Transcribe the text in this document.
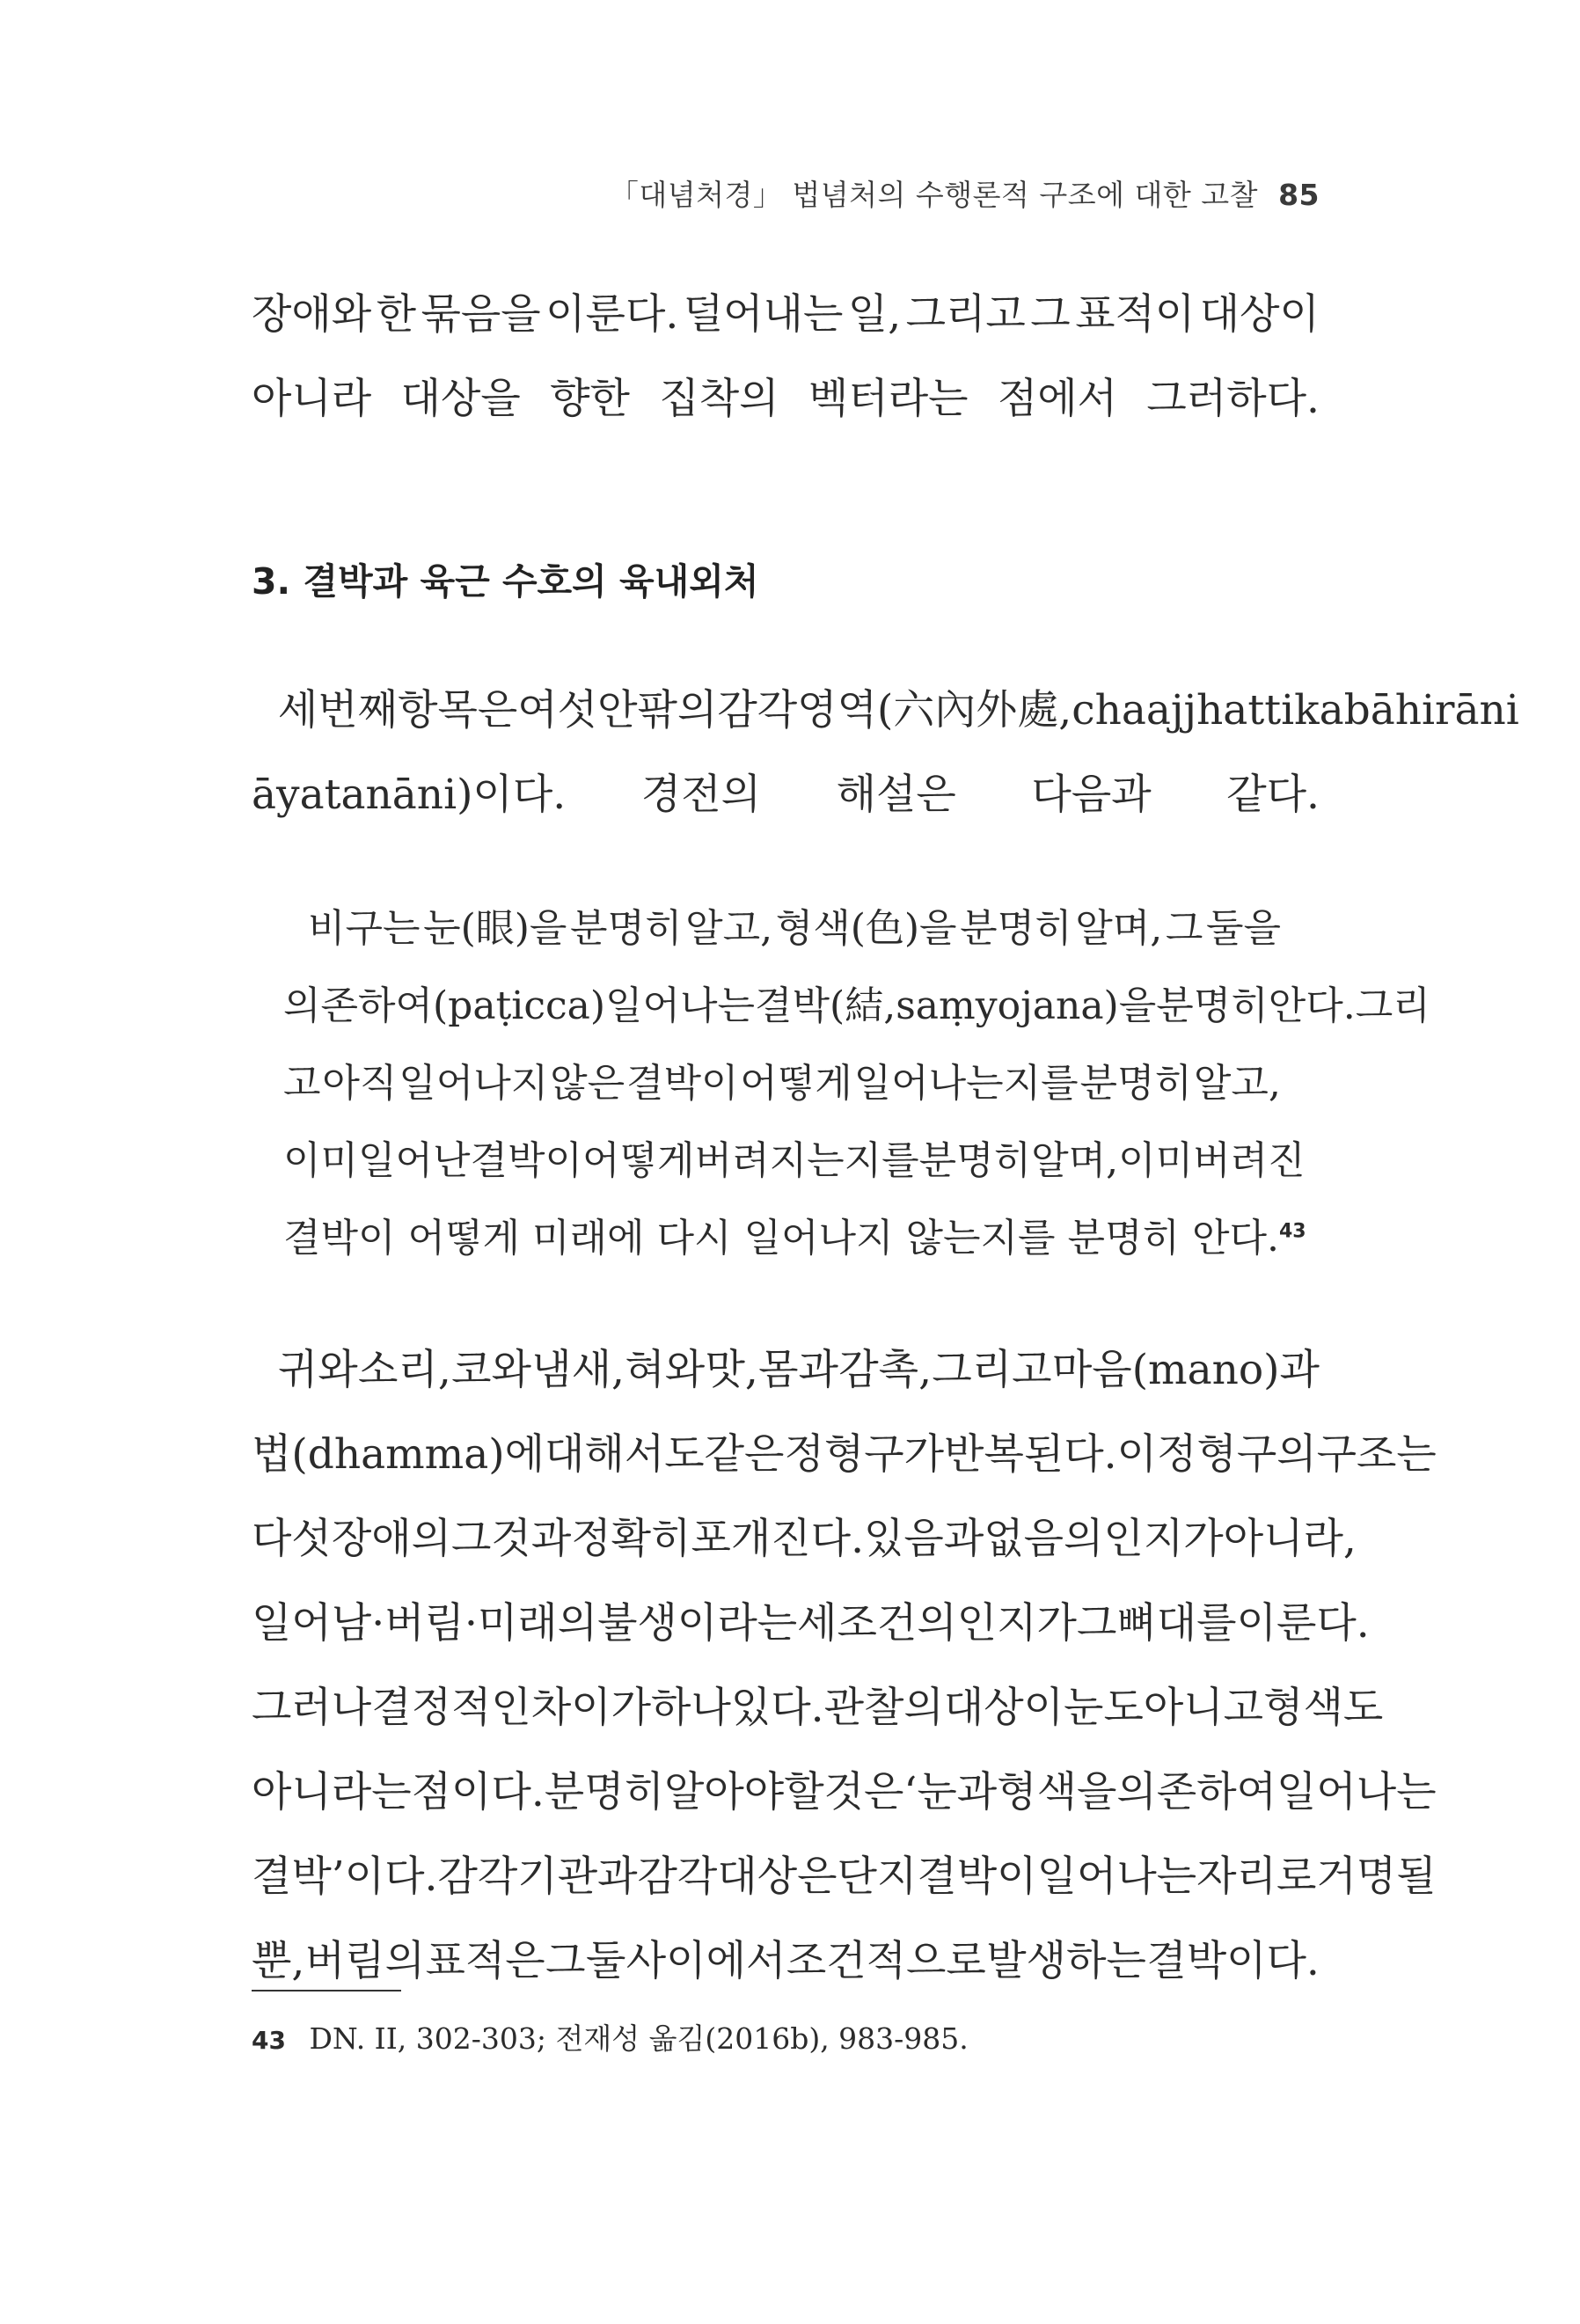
「대념처경」 법념처의 수행론적 구조에 대한 고찰 85
장애와 한 묶음을 이룬다. 덜어내는 일, 그리고 그 표적이 대상이
아니라 대상을 향한 집착의 벡터라는 점에서 그러하다.
3. 결박과 육근 수호의 육내외처
세 번째 항목은 여섯 안팎의 감각영역(六內外處, cha ajjhattikabāhirāni
āyatanāni)이다. 경전의 해설은 다음과 같다.
비구는 눈(眼)을 분명히 알고, 형색(色)을 분명히 알며, 그 둘을
의존하여(paṭicca) 일어나는 결박(結, saṃyojana)을 분명히 안다. 그리
고 아직 일어나지 않은 결박이 어떻게 일어나는지를 분명히 알고,
이미 일어난 결박이 어떻게 버려지는지를 분명히 알며, 이미 버려진
결박이 어떻게 미래에 다시 일어나지 않는지를 분명히 안다.$^{43}$
귀와 소리, 코와 냄새, 혀와 맛, 몸과 감촉, 그리고 마음(mano)과
법(dhamma)에 대해서도 같은 정형구가 반복된다. 이 정형구의 구조는
다섯 장애의 그것과 정확히 포개진다. 있음과 없음의 인지가 아니라,
일어남·버림·미래의 불생이라는 세 조건의 인지가 그 뼈대를 이룬다.
그러나 결정적인 차이가 하나 있다. 관찰의 대상이 눈도 아니고 형색도
아니라는 점이다. 분명히 알아야 할 것은 ‘눈과 형색을 의존하여 일어나는
결박’이다. 감각기관과 감각대상은 단지 결박이 일어나는 자리로 거명될
뿐, 버림의 표적은 그 둘 사이에서 조건적으로 발생하는 결박이다.
43 DN. II, 302-303; 전재성 옮김(2016b), 983-985.
